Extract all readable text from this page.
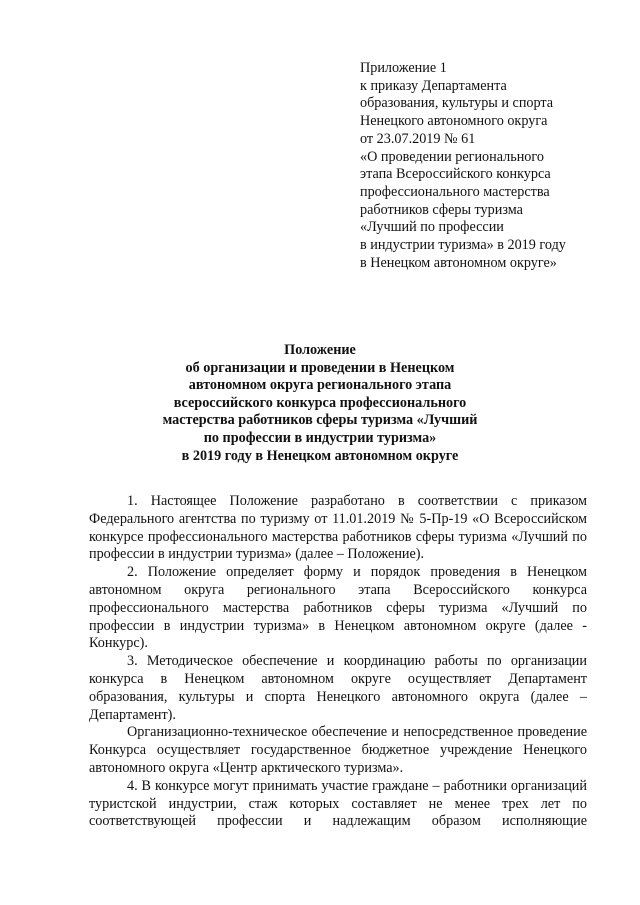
Приложение 1
к приказу Департамента
образования, культуры и спорта
Ненецкого автономного округа
от 23.07.2019 № 61
«О проведении регионального
этапа Всероссийского конкурса
профессионального мастерства
работников сферы туризма
«Лучший по профессии
в индустрии туризма» в 2019 году
в Ненецком автономном округе»
Положение
об организации и проведении в Ненецком
автономном округа регионального этапа
всероссийского конкурса профессионального
мастерства работников сферы туризма «Лучший
по профессии в индустрии туризма»
в 2019 году в Ненецком автономном округе

1. Настоящее Положение разработано в соответствии с приказом Федерального агентства по туризму от 11.01.2019 № 5-Пр-19 «О Всероссийском конкурсе профессионального мастерства работников сферы туризма «Лучший по профессии в индустрии туризма» (далее – Положение).

2. Положение определяет форму и порядок проведения в Ненецком автономном округа регионального этапа Всероссийского конкурса профессионального мастерства работников сферы туризма «Лучший по профессии в индустрии туризма» в Ненецком автономном округе (далее - Конкурс).

3. Методическое обеспечение и координацию работы по организации конкурса в Ненецком автономном округе осуществляет Департамент образования, культуры и спорта Ненецкого автономного округа (далее – Департамент).

Организационно-техническое обеспечение и непосредственное проведение Конкурса осуществляет государственное бюджетное учреждение Ненецкого автономного округа «Центр арктического туризма».

4. В конкурсе могут принимать участие граждане – работники организаций туристской индустрии, стаж которых составляет не менее трех лет по соответствующей профессии и надлежащим образом исполняющие
